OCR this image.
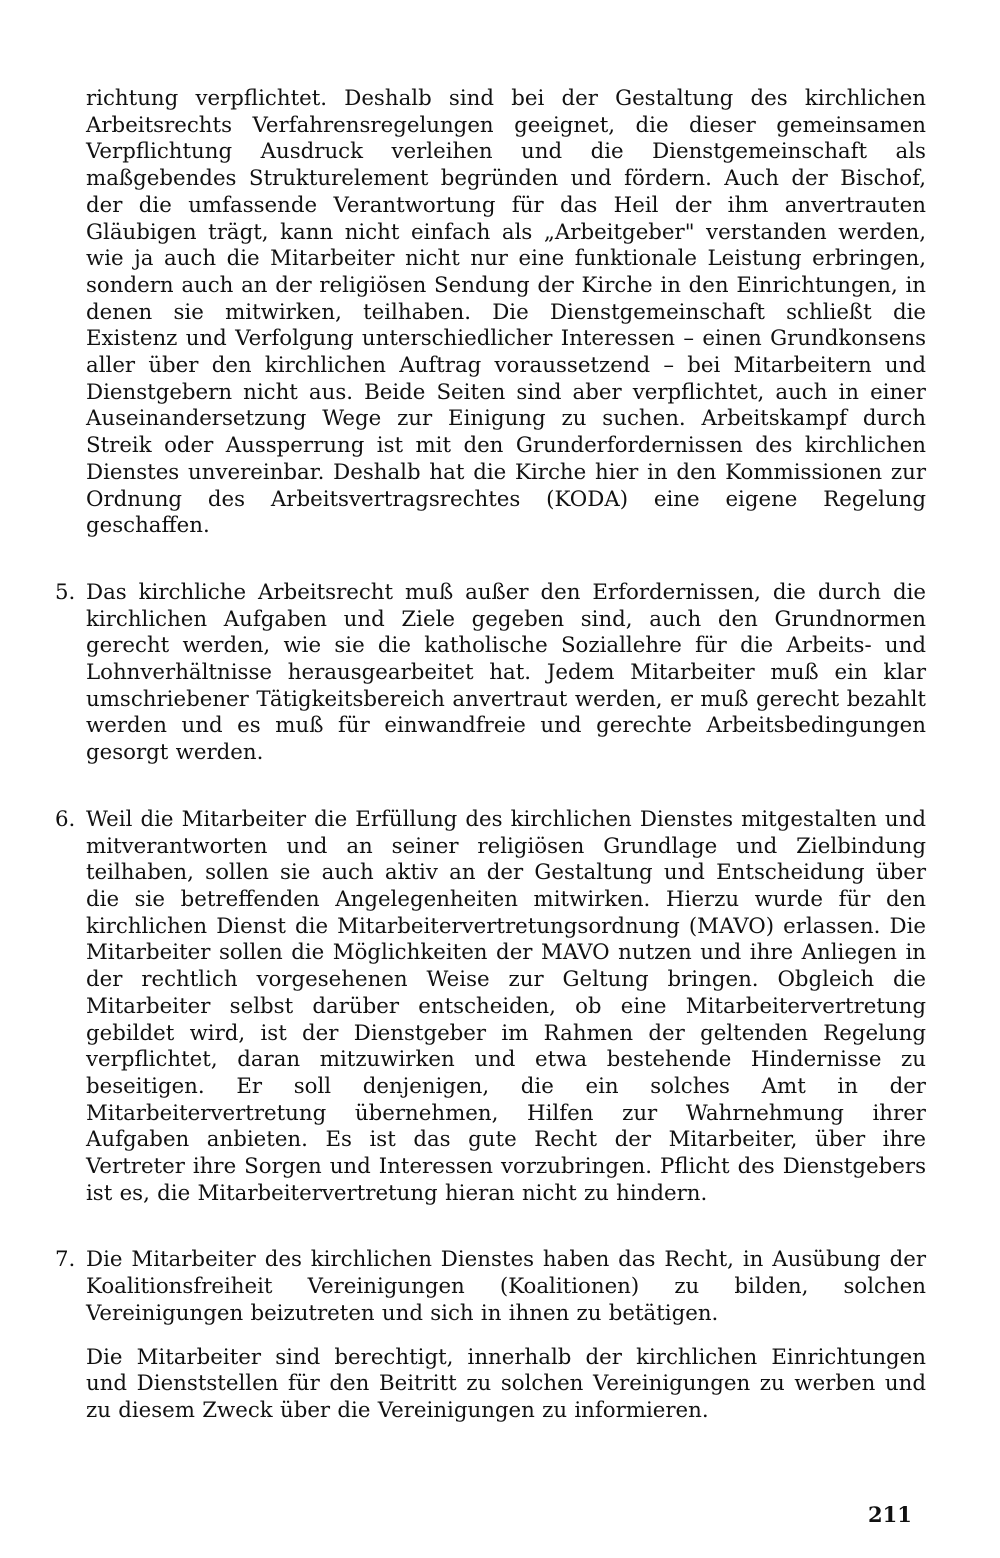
richtung verpflichtet. Deshalb sind bei der Gestaltung des kirchlichen Arbeitsrechts Verfahrensregelungen geeignet, die dieser gemeinsamen Verpflichtung Ausdruck verleihen und die Dienstgemeinschaft als maßgebendes Strukturelement begründen und fördern. Auch der Bischof, der die umfassende Verantwortung für das Heil der ihm anvertrauten Gläubigen trägt, kann nicht einfach als „Arbeitgeber" verstanden werden, wie ja auch die Mitarbeiter nicht nur eine funktionale Leistung erbringen, sondern auch an der religiösen Sendung der Kirche in den Einrichtungen, in denen sie mitwirken, teilhaben. Die Dienstgemeinschaft schließt die Existenz und Verfolgung unterschiedlicher Interessen – einen Grundkonsens aller über den kirchlichen Auftrag voraussetzend – bei Mitarbeitern und Dienstgebern nicht aus. Beide Seiten sind aber verpflichtet, auch in einer Auseinandersetzung Wege zur Einigung zu suchen. Arbeitskampf durch Streik oder Aussperrung ist mit den Grunderfordernissen des kirchlichen Dienstes unvereinbar. Deshalb hat die Kirche hier in den Kommissionen zur Ordnung des Arbeitsvertragsrechtes (KODA) eine eigene Regelung geschaffen.

5. Das kirchliche Arbeitsrecht muß außer den Erfordernissen, die durch die kirchlichen Aufgaben und Ziele gegeben sind, auch den Grundnormen gerecht werden, wie sie die katholische Soziallehre für die Arbeits- und Lohnverhältnisse herausgearbeitet hat. Jedem Mitarbeiter muß ein klar umschriebener Tätigkeitsbereich anvertraut werden, er muß gerecht bezahlt werden und es muß für einwandfreie und gerechte Arbeitsbedingungen gesorgt werden.

6. Weil die Mitarbeiter die Erfüllung des kirchlichen Dienstes mitgestalten und mitverantworten und an seiner religiösen Grundlage und Zielbindung teilhaben, sollen sie auch aktiv an der Gestaltung und Entscheidung über die sie betreffenden Angelegenheiten mitwirken. Hierzu wurde für den kirchlichen Dienst die Mitarbeitervertretungsordnung (MAVO) erlassen. Die Mitarbeiter sollen die Möglichkeiten der MAVO nutzen und ihre Anliegen in der rechtlich vorgesehenen Weise zur Geltung bringen. Obgleich die Mitarbeiter selbst darüber entscheiden, ob eine Mitarbeitervertretung gebildet wird, ist der Dienstgeber im Rahmen der geltenden Regelung verpflichtet, daran mitzuwirken und etwa bestehende Hindernisse zu beseitigen. Er soll denjenigen, die ein solches Amt in der Mitarbeitervertretung übernehmen, Hilfen zur Wahrnehmung ihrer Aufgaben anbieten. Es ist das gute Recht der Mitarbeiter, über ihre Vertreter ihre Sorgen und Interessen vorzubringen. Pflicht des Dienstgebers ist es, die Mitarbeitervertretung hieran nicht zu hindern.

7. Die Mitarbeiter des kirchlichen Dienstes haben das Recht, in Ausübung der Koalitionsfreiheit Vereinigungen (Koalitionen) zu bilden, solchen Vereinigungen beizutreten und sich in ihnen zu betätigen.

Die Mitarbeiter sind berechtigt, innerhalb der kirchlichen Einrichtungen und Dienststellen für den Beitritt zu solchen Vereinigungen zu werben und zu diesem Zweck über die Vereinigungen zu informieren.

211
